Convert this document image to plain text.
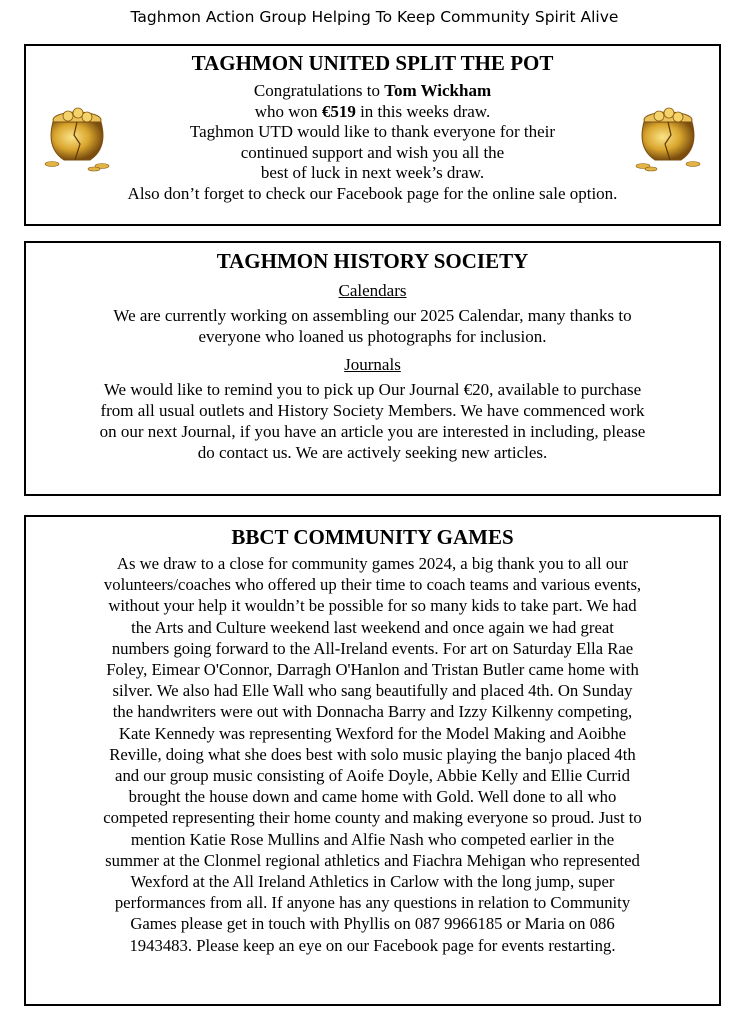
Taghmon Action Group Helping To Keep Community Spirit Alive
TAGHMON UNITED SPLIT THE POT
Congratulations to Tom Wickham
who won €519 in this weeks draw.
Taghmon UTD would like to thank everyone for their
continued support and wish you all the
best of luck in next week’s draw.
Also don’t forget to check our Facebook page for the online sale option.
TAGHMON HISTORY SOCIETY
Calendars
We are currently working on assembling our 2025 Calendar, many thanks to
everyone who loaned us photographs for inclusion.
Journals
We would like to remind you to pick up Our Journal €20, available to purchase
from all usual outlets and History Society Members. We have commenced work
on our next Journal, if you have an article you are interested in including, please
do contact us. We are actively seeking new articles.
BBCT COMMUNITY GAMES
As we draw to a close for community games 2024, a big thank you to all our
volunteers/coaches who offered up their time to coach teams and various events,
without your help it wouldn’t be possible for so many kids to take part. We had
the Arts and Culture weekend last weekend and once again we had great
numbers going forward to the All-Ireland events. For art on Saturday Ella Rae
Foley, Eimear O'Connor, Darragh O'Hanlon and Tristan Butler came home with
silver. We also had Elle Wall who sang beautifully and placed 4th. On Sunday
the handwriters were out with Donnacha Barry and Izzy Kilkenny competing,
Kate Kennedy was representing Wexford for the Model Making and Aoibhe
Reville, doing what she does best with solo music playing the banjo placed 4th
and our group music consisting of Aoife Doyle, Abbie Kelly and Ellie Currid
brought the house down and came home with Gold. Well done to all who
competed representing their home county and making everyone so proud. Just to
mention Katie Rose Mullins and Alfie Nash who competed earlier in the
summer at the Clonmel regional athletics and Fiachra Mehigan who represented
Wexford at the All Ireland Athletics in Carlow with the long jump, super
performances from all. If anyone has any questions in relation to Community
Games please get in touch with Phyllis on 087 9966185 or Maria on 086
1943483. Please keep an eye on our Facebook page for events restarting.
